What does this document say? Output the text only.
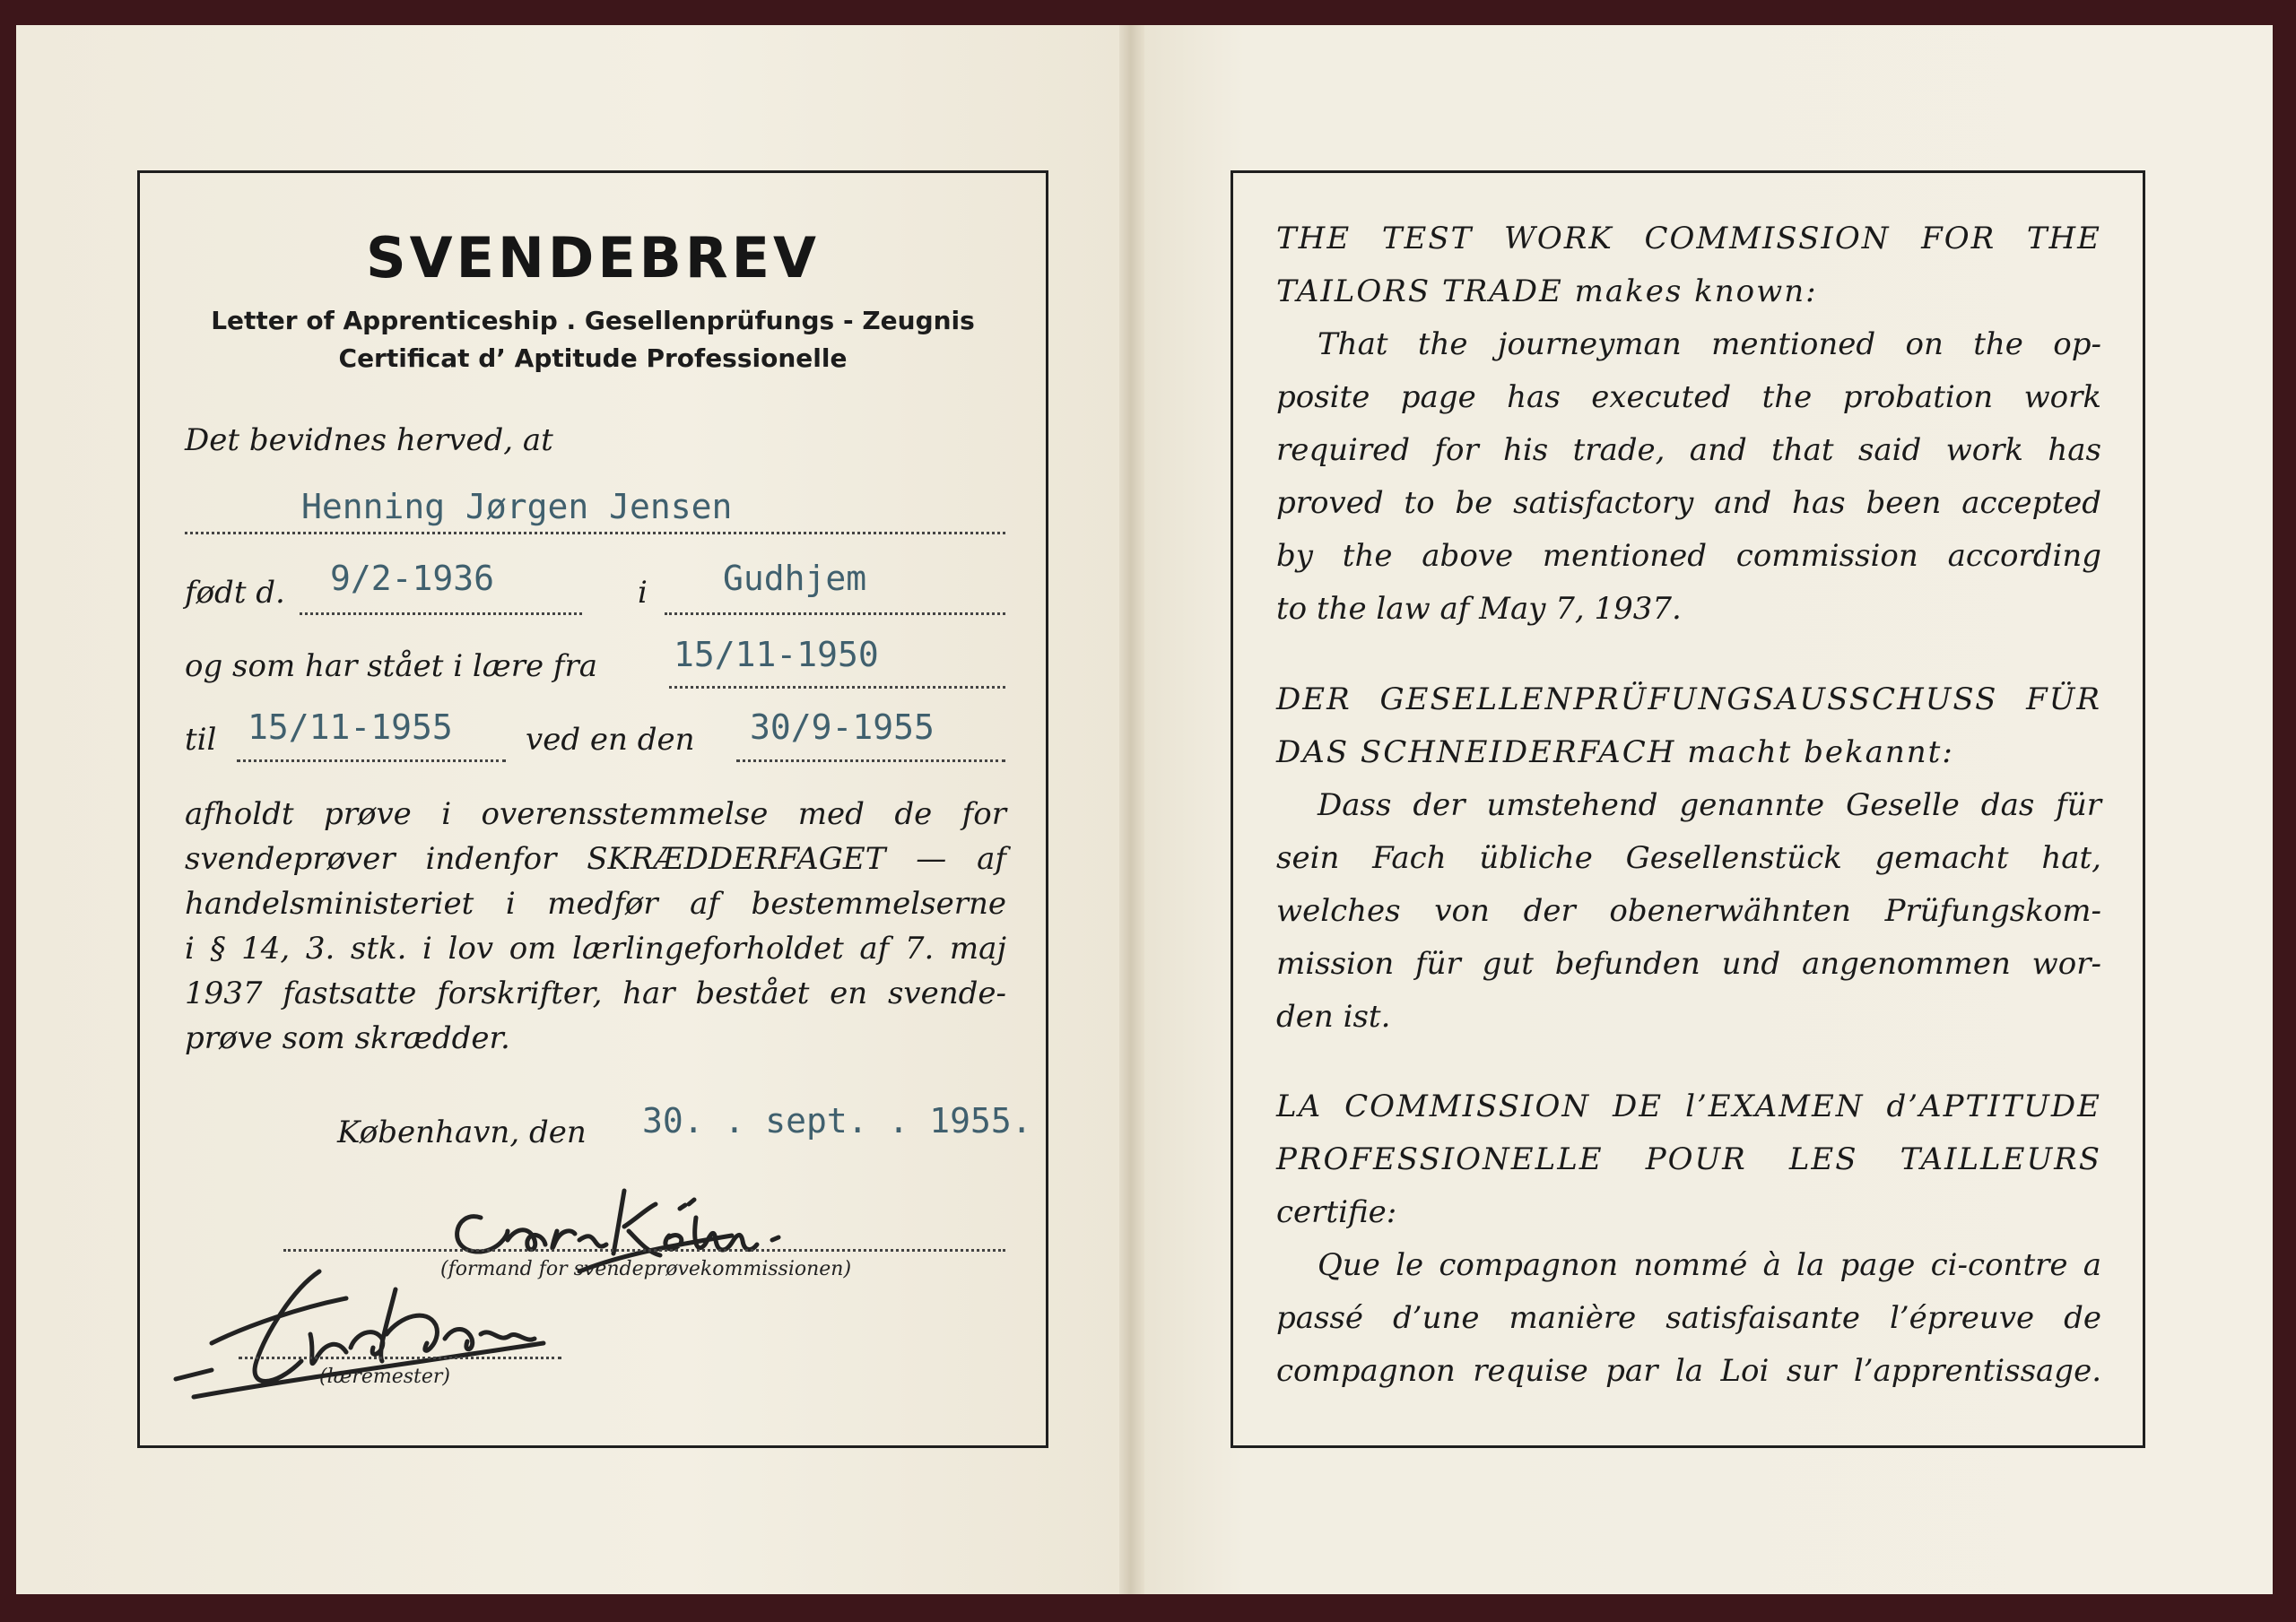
SVENDEBREV
Letter of Apprenticeship . Gesellenprüfungs - Zeugnis
Certificat d’ Aptitude Professionelle
Det bevidnes herved, at
Henning Jørgen Jensen
født d.	9/2-1936	i	Gudhjem
og som har stået i lære fra	15/11-1950
til 15/11-1955 ved en den	30/9-1955
afholdt prøve i overensstemmelse med de for
svendeprøver indenfor SKRÆDDERFAGET — af
handelsministeriet i medfør af bestemmelserne
i § 14, 3. stk. i lov om lærlingeforholdet af 7. maj
1937 fastsatte forskrifter, har bestået en svende-
prøve som skrædder.
København, den	30. . sept. . 1955.
(formand for svendeprøvekommissionen)
(læremester)
THE TEST WORK COMMISSION FOR THE
TAILORS TRADE makes known:
That the journeyman mentioned on the op-
posite page has executed the probation work
required for his trade, and that said work has
proved to be satisfactory and has been accepted
by the above mentioned commission according
to the law af May 7, 1937.
DER GESELLENPRÜFUNGSAUSSCHUSS FÜR
DAS SCHNEIDERFACH macht bekannt:
Dass der umstehend genannte Geselle das für
sein Fach übliche Gesellenstück gemacht hat,
welches von der obenerwähnten Prüfungskom-
mission für gut befunden und angenommen wor-
den ist.
LA COMMISSION DE l’EXAMEN d’APTITUDE
PROFESSIONELLE POUR LES TAILLEURS
certifie:
Que le compagnon nommé à la page ci-contre a
passé d’une manière satisfaisante l’épreuve de
compagnon requise par la Loi sur l’apprentissage.
